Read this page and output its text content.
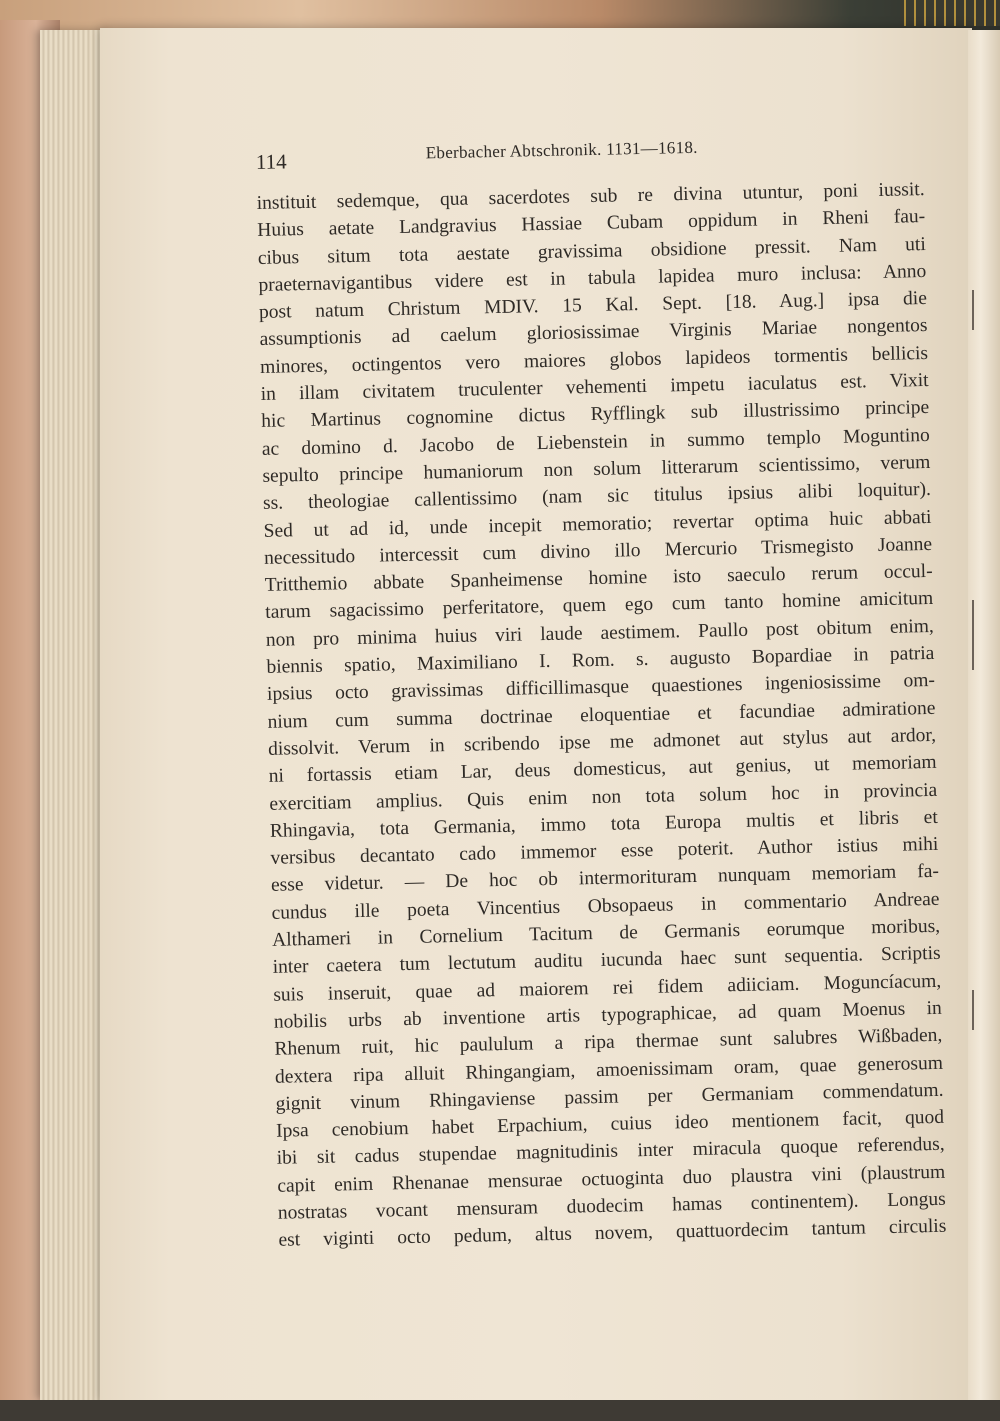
114	Eberbacher Abtschronik. 1131—1618.
instituit sedemque, qua sacerdotes sub re divina utuntur, poni iussit.
Huius aetate Landgravius Hassiae Cubam oppidum in Rheni fau-
cibus situm tota aestate gravissima obsidione pressit. Nam uti
praeternavigantibus videre est in tabula lapidea muro inclusa: Anno
post natum Christum MDIV. 15 Kal. Sept. [18. Aug.] ipsa die
assumptionis ad caelum gloriosissimae Virginis Mariae nongentos
minores, octingentos vero maiores globos lapideos tormentis bellicis
in illam civitatem truculenter vehementi impetu iaculatus est. Vixit
hic Martinus cognomine dictus Ryfflingk sub illustrissimo principe
ac domino d. Jacobo de Liebenstein in summo templo Moguntino
sepulto principe humaniorum non solum litterarum scientissimo, verum
ss. theologiae callentissimo (nam sic titulus ipsius alibi loquitur).
Sed ut ad id, unde incepit memoratio; revertar optima huic abbati
necessitudo intercessit cum divino illo Mercurio Trismegisto Joanne
Tritthemio abbate Spanheimense homine isto saeculo rerum occul-
tarum sagacissimo perferitatore, quem ego cum tanto homine amicitum
non pro minima huius viri laude aestimem. Paullo post obitum enim,
biennis spatio, Maximiliano I. Rom. s. augusto Bopardiae in patria
ipsius octo gravissimas difficillimasque quaestiones ingeniosissime om-
nium cum summa doctrinae eloquentiae et facundiae admiratione
dissolvit. Verum in scribendo ipse me admonet aut stylus aut ardor,
ni fortassis etiam Lar, deus domesticus, aut genius, ut memoriam
exercitiam amplius. Quis enim non tota solum hoc in provincia
Rhingavia, tota Germania, immo tota Europa multis et libris et
versibus decantato cado immemor esse poterit. Author istius mihi
esse videtur. — De hoc ob intermorituram nunquam memoriam fa-
cundus ille poeta Vincentius Obsopaeus in commentario Andreae
Althameri in Cornelium Tacitum de Germanis eorumque moribus,
inter caetera tum lectutum auditu iucunda haec sunt sequentia. Scriptis
suis inseruit, quae ad maiorem rei fidem adiiciam. Moguncíacum,
nobilis urbs ab inventione artis typographicae, ad quam Moenus in
Rhenum ruit, hic paululum a ripa thermae sunt salubres Wißbaden,
dextera ripa alluit Rhingangiam, amoenissimam oram, quae generosum
gignit vinum Rhingaviense passim per Germaniam commendatum.
Ipsa cenobium habet Erpachium, cuius ideo mentionem facit, quod
ibi sit cadus stupendae magnitudinis inter miracula quoque referendus,
capit enim Rhenanae mensurae octuoginta duo plaustra vini (plaustrum
nostratas vocant mensuram duodecim hamas continentem). Longus
est viginti octo pedum, altus novem, quattuordecim tantum circulis
